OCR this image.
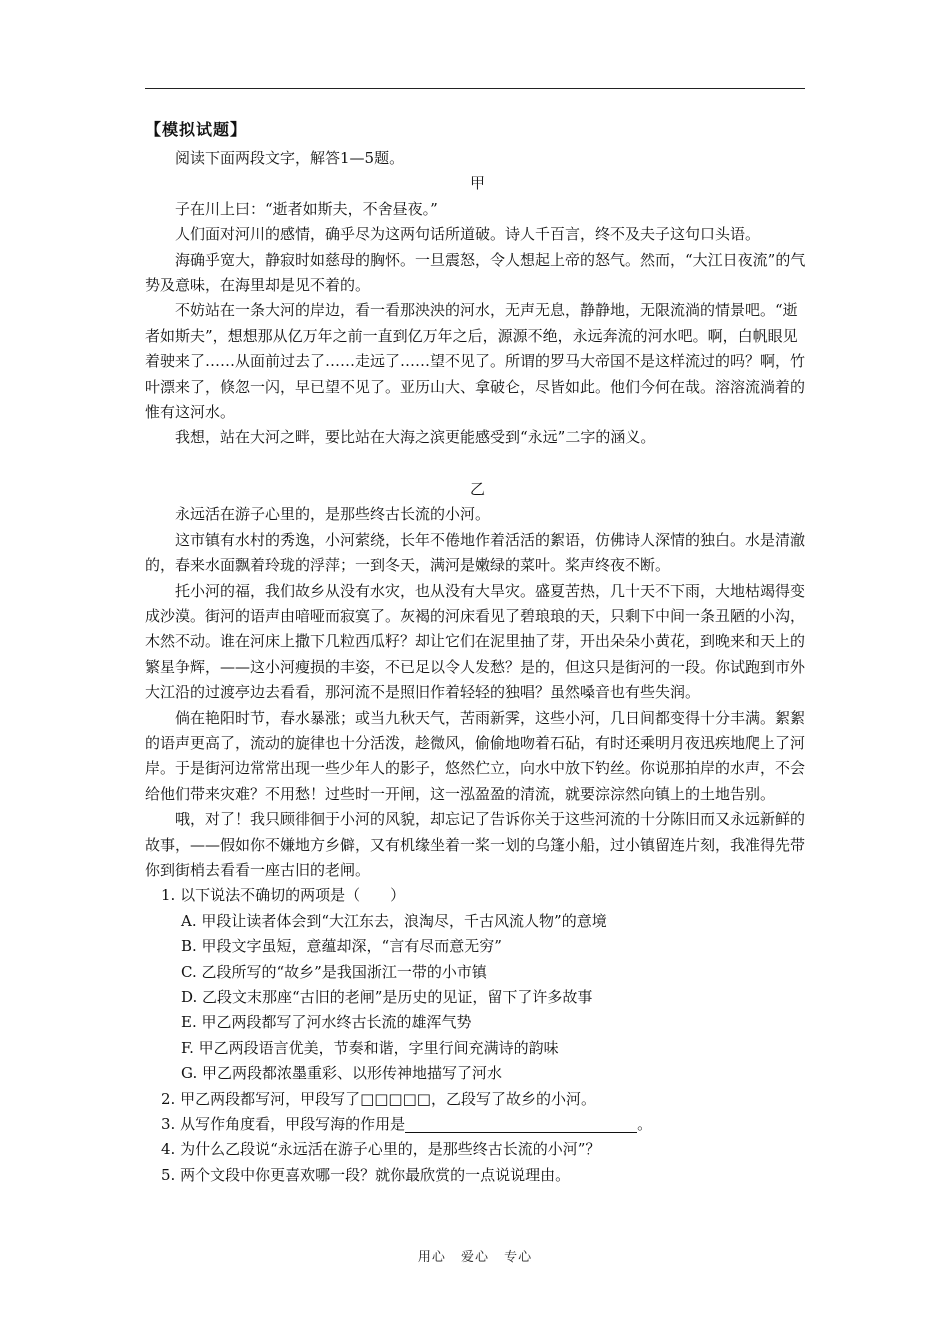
【模拟试题】

阅读下面两段文字，解答1—5题。

甲

子在川上曰：“逝者如斯夫，不舍昼夜。”

人们面对河川的感情，确乎尽为这两句话所道破。诗人千百言，终不及夫子这句口头语。

海确乎宽大，静寂时如慈母的胸怀。一旦震怒，令人想起上帝的怒气。然而，“大江日夜流”的气势及意味，在海里却是见不着的。

不妨站在一条大河的岸边，看一看那泱泱的河水，无声无息，静静地，无限流淌的情景吧。“逝者如斯夫”，想想那从亿万年之前一直到亿万年之后，源源不绝，永远奔流的河水吧。啊，白帆眼见着驶来了……从面前过去了……走远了……望不见了。所谓的罗马大帝国不是这样流过的吗？啊，竹叶漂来了，倏忽一闪，早已望不见了。亚历山大、拿破仑，尽皆如此。他们今何在哉。溶溶流淌着的惟有这河水。

我想，站在大河之畔，要比站在大海之滨更能感受到“永远”二字的涵义。

乙

永远活在游子心里的，是那些终古长流的小河。

这市镇有水村的秀逸，小河萦绕，长年不倦地作着活活的絮语，仿佛诗人深情的独白。水是清澈的，春来水面飘着玲珑的浮萍；一到冬天，满河是嫩绿的菜叶。桨声终夜不断。

托小河的福，我们故乡从没有水灾，也从没有大旱灾。盛夏苦热，几十天不下雨，大地枯竭得变成沙漠。街河的语声由喑哑而寂寞了。灰褐的河床看见了碧琅琅的天，只剩下中间一条丑陋的小沟，木然不动。谁在河床上撒下几粒西瓜籽？却让它们在泥里抽了芽，开出朵朵小黄花，到晚来和天上的繁星争辉，——这小河瘦损的丰姿，不已足以令人发愁？是的，但这只是街河的一段。你试跑到市外大江沿的过渡亭边去看看，那河流不是照旧作着轻轻的独唱？虽然嗓音也有些失润。

倘在艳阳时节，春水暴涨；或当九秋天气，苦雨新霁，这些小河，几日间都变得十分丰满。絮絮的语声更高了，流动的旋律也十分活泼，趁微风，偷偷地吻着石砧，有时还乘明月夜迅疾地爬上了河岸。于是街河边常常出现一些少年人的影子，悠然伫立，向水中放下钓丝。你说那拍岸的水声，不会给他们带来灾难？不用愁！过些时一开闸，这一泓盈盈的清流，就要淙淙然向镇上的土地告别。

哦，对了！我只顾徘徊于小河的风貌，却忘记了告诉你关于这些河流的十分陈旧而又永远新鲜的故事，——假如你不嫌地方乡僻，又有机缘坐着一桨一划的乌篷小船，过小镇留连片刻，我准得先带你到街梢去看看一座古旧的老闸。

1. 以下说法不确切的两项是（　　）

A. 甲段让读者体会到“大江东去，浪淘尽，千古风流人物”的意境

B. 甲段文字虽短，意蕴却深，“言有尽而意无穷”

C. 乙段所写的“故乡”是我国浙江一带的小市镇

D. 乙段文末那座“古旧的老闸”是历史的见证，留下了许多故事

E. 甲乙两段都写了河水终古长流的雄浑气势

F. 甲乙两段语言优美，节奏和谐，字里行间充满诗的韵味

G. 甲乙两段都浓墨重彩、以形传神地描写了河水

2. 甲乙两段都写河，甲段写了□□□□□，乙段写了故乡的小河。

3. 从写作角度看，甲段写海的作用是	。

4. 为什么乙段说“永远活在游子心里的，是那些终古长流的小河”？

5. 两个文段中你更喜欢哪一段？就你最欣赏的一点说说理由。

用心 爱心 专心
